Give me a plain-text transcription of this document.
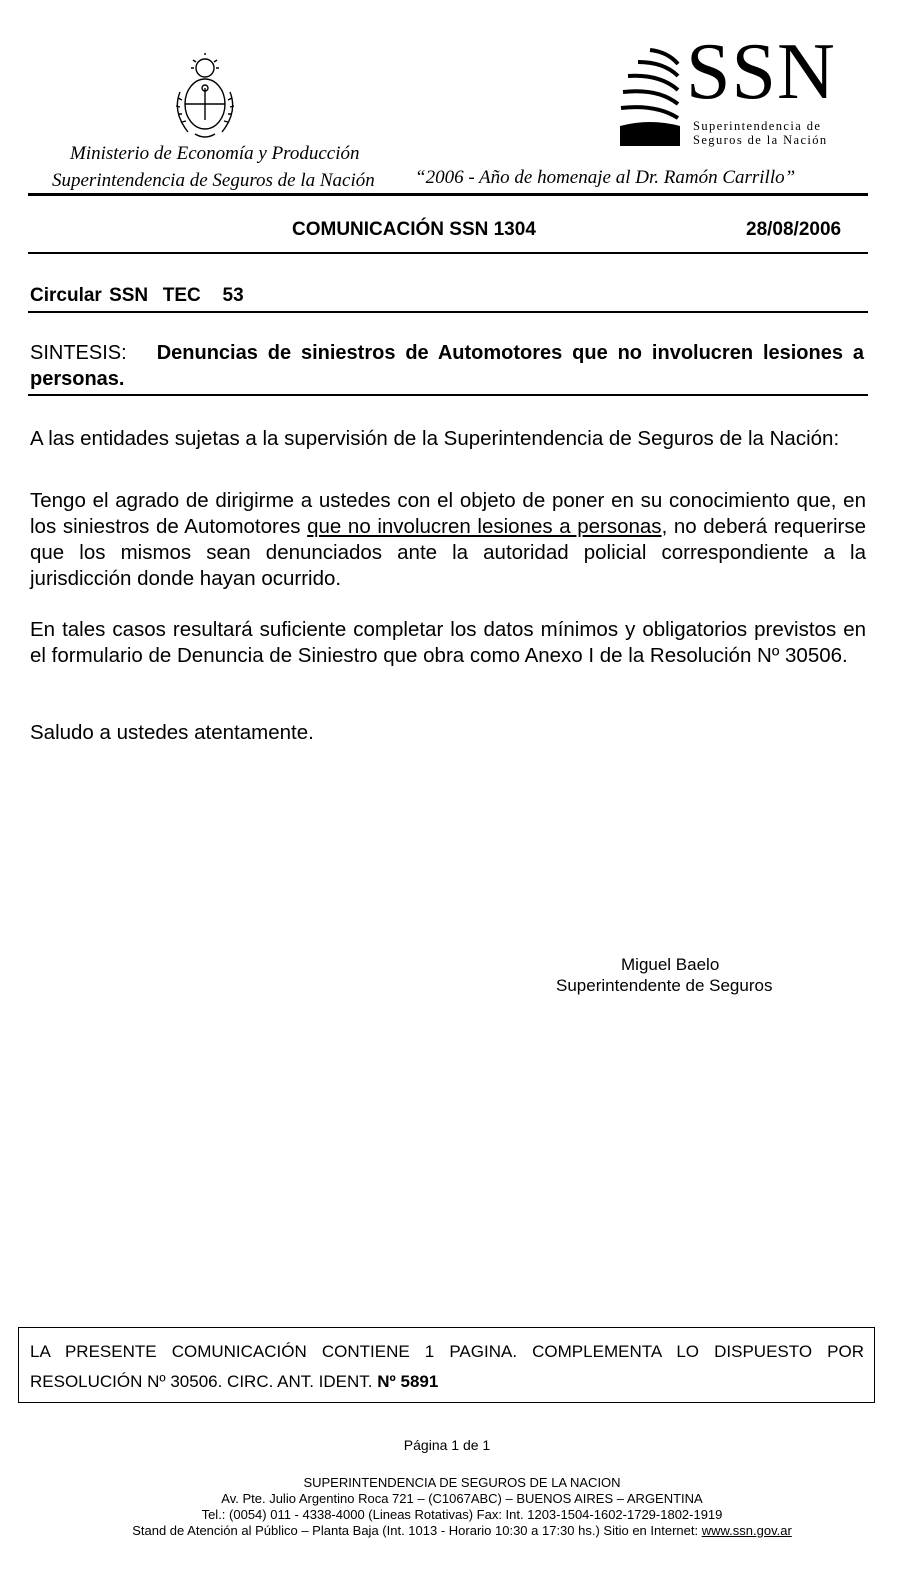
Ministerio de Economía y Producción
Superintendencia de Seguros de la Nación
SSN
Superintendencia de
Seguros de la Nación
“2006 - Año de homenaje al Dr. Ramón Carrillo”
COMUNICACIÓN SSN 1304	28/08/2006
Circular SSN  TEC   53
SINTESIS: Denuncias de siniestros de Automotores que no involucren lesiones a personas.
A las entidades sujetas a la supervisión de la Superintendencia de Seguros de la Nación:
Tengo el agrado de dirigirme a ustedes con el objeto de poner en su conocimiento que, en los siniestros de Automotores que no involucren lesiones a personas, no deberá requerirse que los mismos sean denunciados ante la autoridad policial correspondiente a la jurisdicción donde hayan ocurrido.
En tales casos resultará suficiente completar los datos mínimos y obligatorios previstos en el formulario de Denuncia de Siniestro que obra como Anexo I de la Resolución Nº 30506.
Saludo a ustedes atentamente.
Miguel Baelo
Superintendente de Seguros
LA PRESENTE COMUNICACIÓN CONTIENE 1 PAGINA. COMPLEMENTA LO DISPUESTO POR RESOLUCIÓN Nº 30506. CIRC. ANT. IDENT. Nº 5891
Página 1 de 1
SUPERINTENDENCIA DE SEGUROS DE LA NACION
Av. Pte. Julio Argentino Roca 721 – (C1067ABC) – BUENOS AIRES – ARGENTINA
Tel.: (0054) 011 - 4338-4000 (Lineas Rotativas) Fax: Int. 1203-1504-1602-1729-1802-1919
Stand de Atención al Público – Planta Baja (Int. 1013 - Horario 10:30 a 17:30 hs.) Sitio en Internet: www.ssn.gov.ar
